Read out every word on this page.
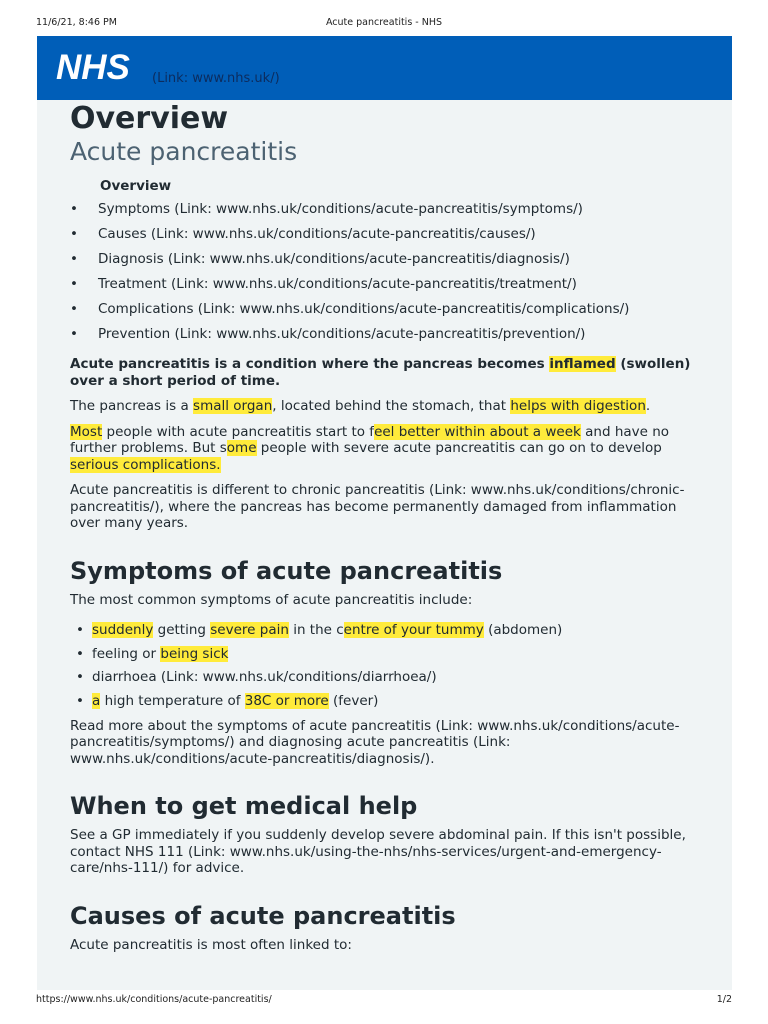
11/6/21, 8:46 PM	Acute pancreatitis - NHS
NHS (Link: www.nhs.uk/)
Overview
Acute pancreatitis
Overview
• Symptoms (Link: www.nhs.uk/conditions/acute-pancreatitis/symptoms/)
• Causes (Link: www.nhs.uk/conditions/acute-pancreatitis/causes/)
• Diagnosis (Link: www.nhs.uk/conditions/acute-pancreatitis/diagnosis/)
• Treatment (Link: www.nhs.uk/conditions/acute-pancreatitis/treatment/)
• Complications (Link: www.nhs.uk/conditions/acute-pancreatitis/complications/)
• Prevention (Link: www.nhs.uk/conditions/acute-pancreatitis/prevention/)

Acute pancreatitis is a condition where the pancreas becomes inflamed (swollen) over a short period of time.

The pancreas is a small organ, located behind the stomach, that helps with digestion.

Most people with acute pancreatitis start to feel better within about a week and have no further problems. But some people with severe acute pancreatitis can go on to develop serious complications.

Acute pancreatitis is different to chronic pancreatitis (Link: www.nhs.uk/conditions/chronic-pancreatitis/), where the pancreas has become permanently damaged from inflammation over many years.

Symptoms of acute pancreatitis

The most common symptoms of acute pancreatitis include:

• suddenly getting severe pain in the centre of your tummy (abdomen)
• feeling or being sick
• diarrhoea (Link: www.nhs.uk/conditions/diarrhoea/)
• a high temperature of 38C or more (fever)

Read more about the symptoms of acute pancreatitis (Link: www.nhs.uk/conditions/acute-pancreatitis/symptoms/) and diagnosing acute pancreatitis (Link: www.nhs.uk/conditions/acute-pancreatitis/diagnosis/).

When to get medical help

See a GP immediately if you suddenly develop severe abdominal pain. If this isn't possible, contact NHS 111 (Link: www.nhs.uk/using-the-nhs/nhs-services/urgent-and-emergency-care/nhs-111/) for advice.

Causes of acute pancreatitis

Acute pancreatitis is most often linked to:

https://www.nhs.uk/conditions/acute-pancreatitis/	1/2
